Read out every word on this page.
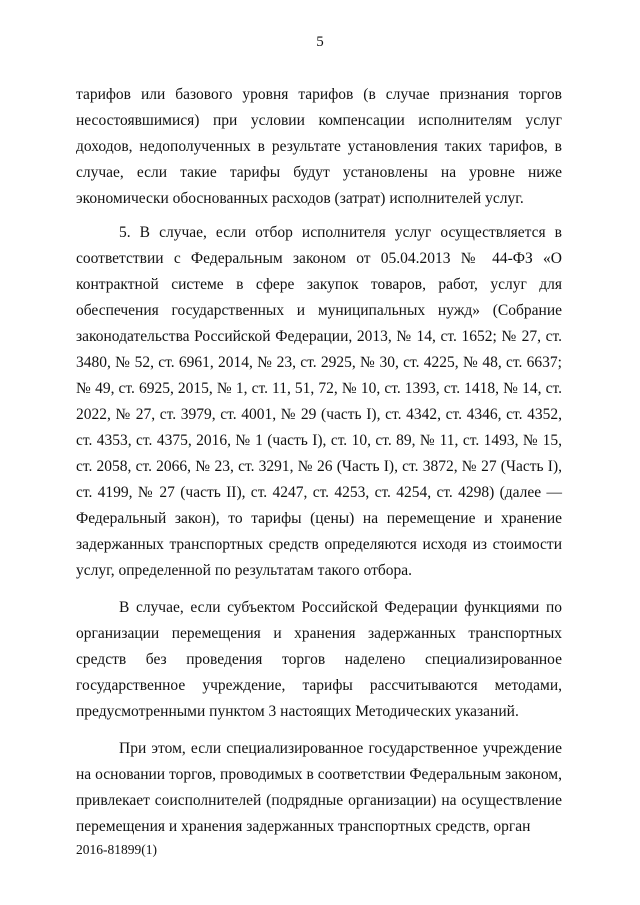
5

тарифов или базового уровня тарифов (в случае признания торгов несостоявшимися) при условии компенсации исполнителям услуг доходов, недополученных в результате установления таких тарифов, в случае, если такие тарифы будут установлены на уровне ниже экономически обоснованных расходов (затрат) исполнителей услуг.

5. В случае, если отбор исполнителя услуг осуществляется в соответствии с Федеральным законом от 05.04.2013 № 44-ФЗ «О контрактной системе в сфере закупок товаров, работ, услуг для обеспечения государственных и муниципальных нужд» (Собрание законодательства Российской Федерации, 2013, № 14, ст. 1652; № 27, ст. 3480, № 52, ст. 6961, 2014, № 23, ст. 2925, № 30, ст. 4225, № 48, ст. 6637; № 49, ст. 6925, 2015, № 1, ст. 11, 51, 72, № 10, ст. 1393, ст. 1418, № 14, ст. 2022, № 27, ст. 3979, ст. 4001, № 29 (часть I), ст. 4342, ст. 4346, ст. 4352, ст. 4353, ст. 4375, 2016, № 1 (часть I), ст. 10, ст. 89, № 11, ст. 1493, № 15, ст. 2058, ст. 2066, № 23, ст. 3291, № 26 (Часть I), ст. 3872, № 27 (Часть I), ст. 4199, № 27 (часть II), ст. 4247, ст. 4253, ст. 4254, ст. 4298) (далее — Федеральный закон), то тарифы (цены) на перемещение и хранение задержанных транспортных средств определяются исходя из стоимости услуг, определенной по результатам такого отбора.

В случае, если субъектом Российской Федерации функциями по организации перемещения и хранения задержанных транспортных средств без проведения торгов наделено специализированное государственное учреждение, тарифы рассчитываются методами, предусмотренными пунктом 3 настоящих Методических указаний.

При этом, если специализированное государственное учреждение на основании торгов, проводимых в соответствии Федеральным законом, привлекает соисполнителей (подрядные организации) на осуществление перемещения и хранения задержанных транспортных средств, орган

2016-81899(1)
